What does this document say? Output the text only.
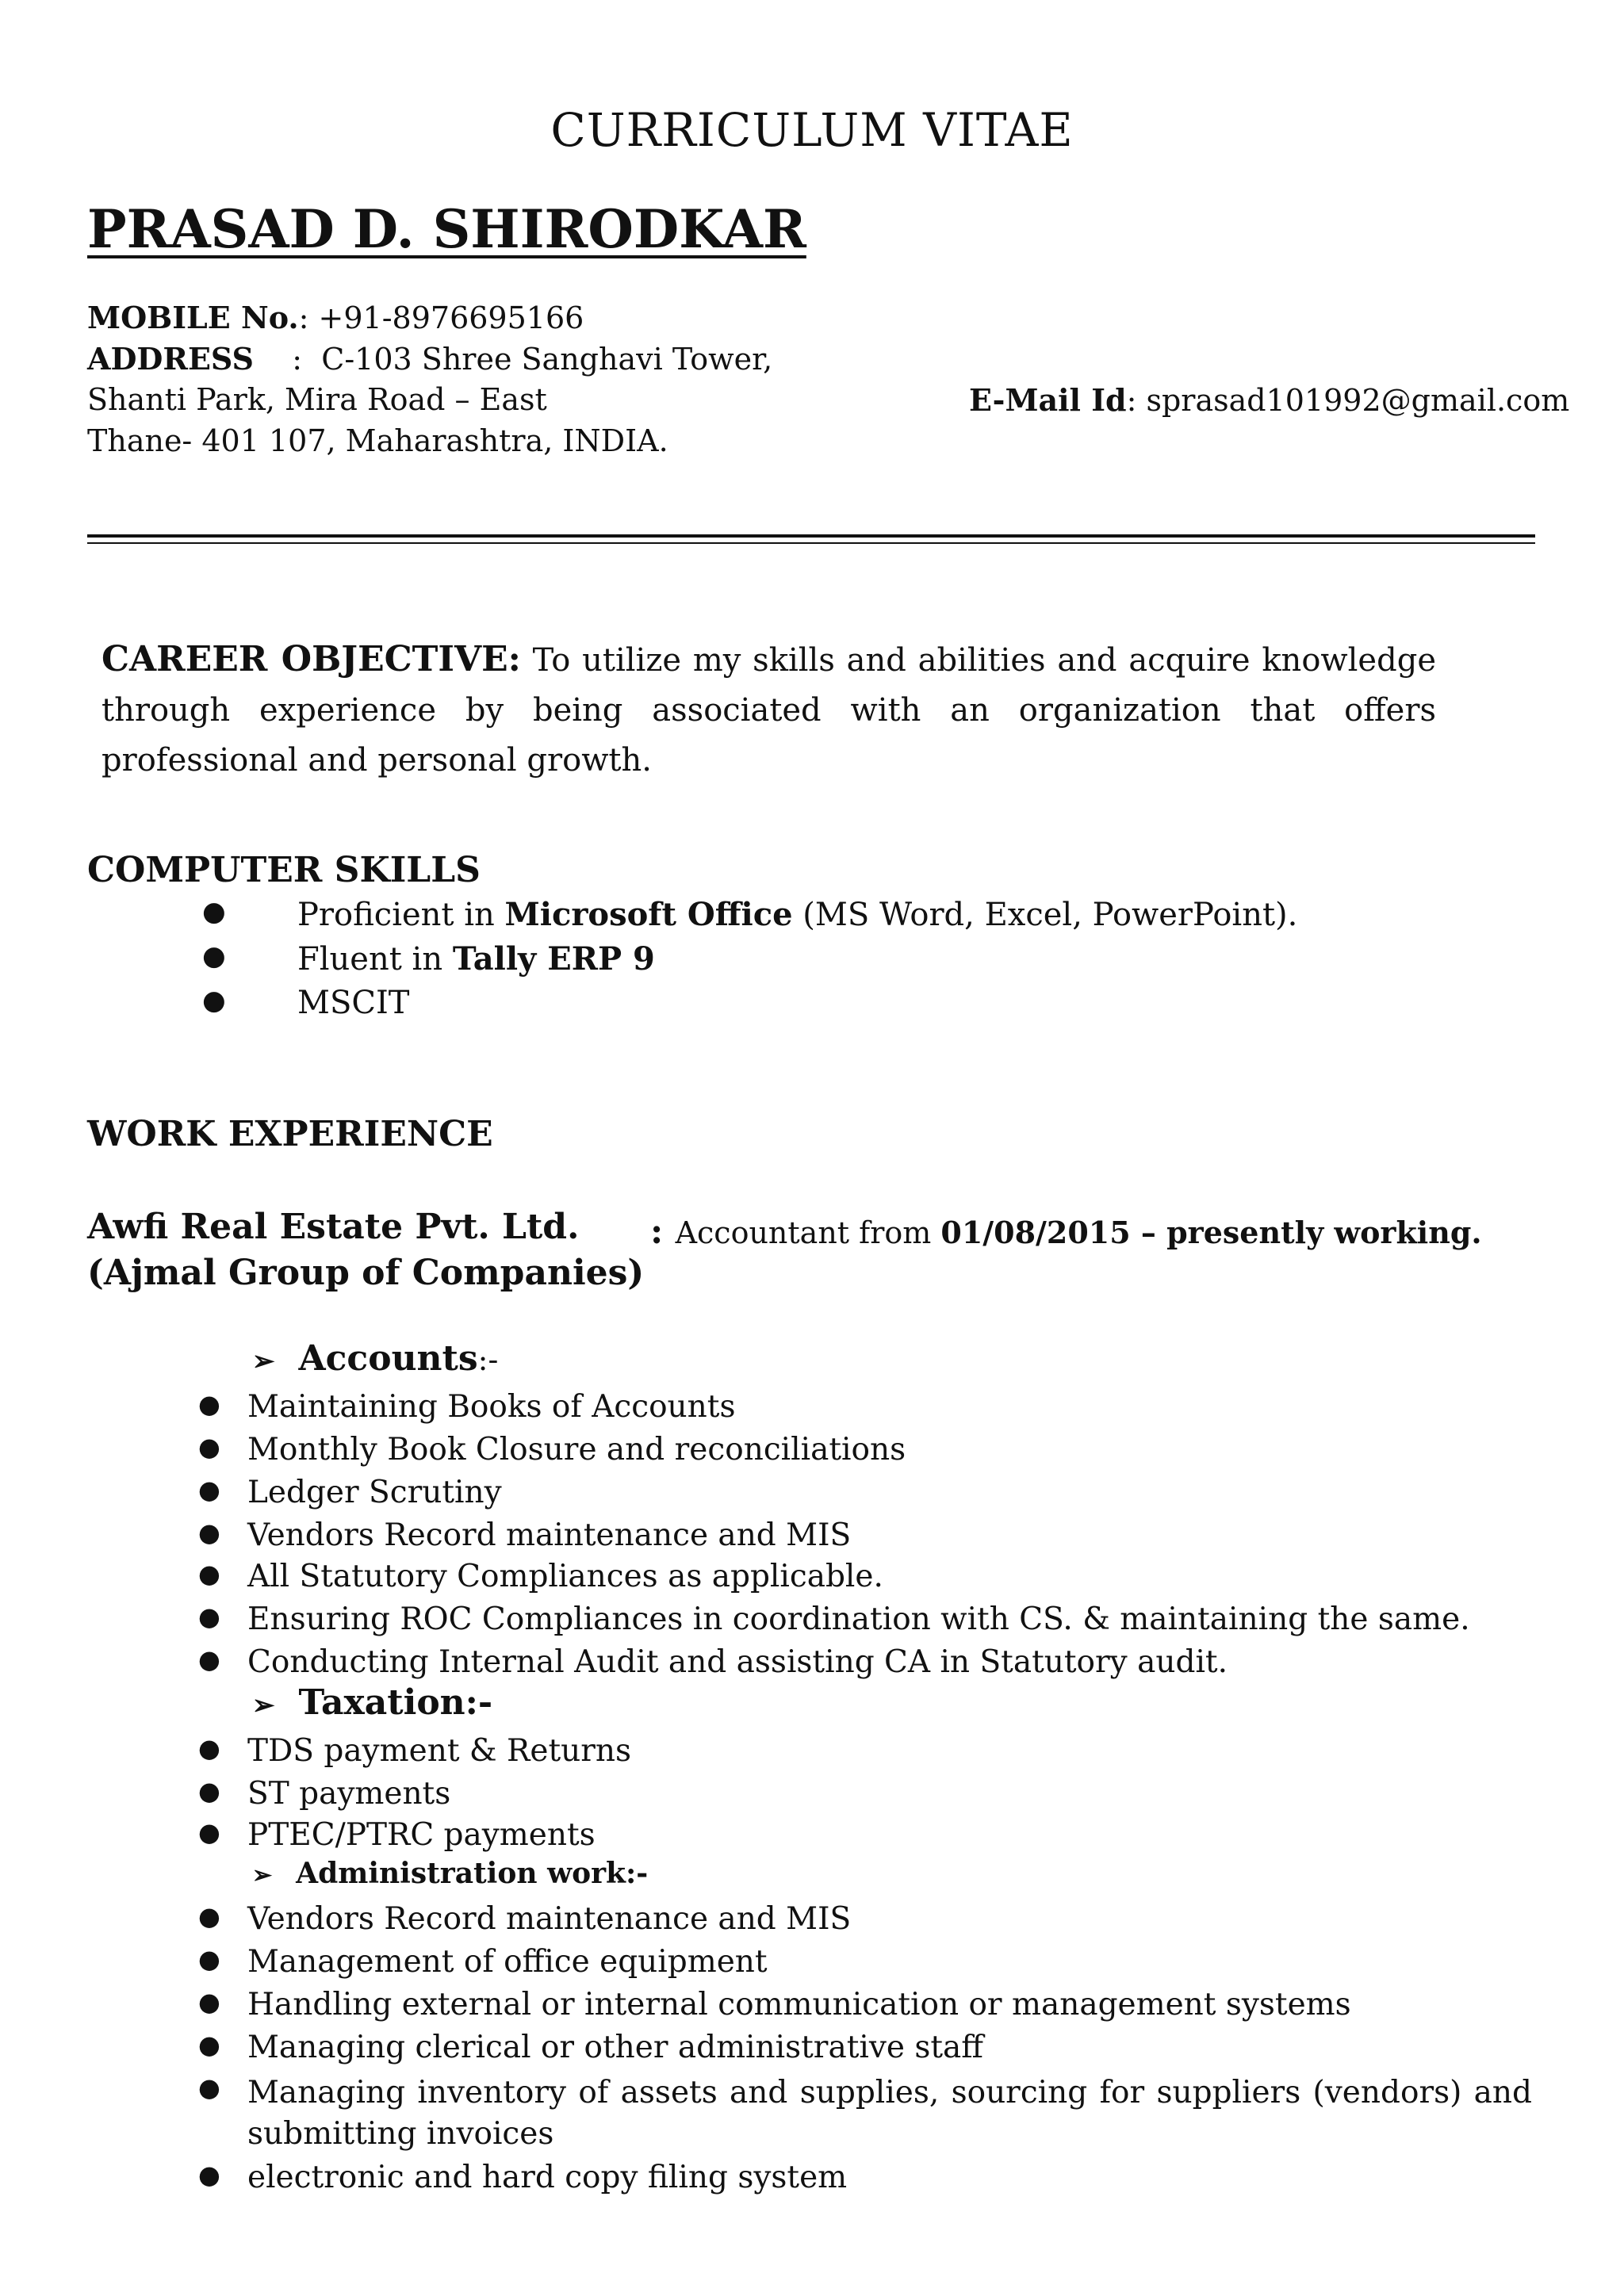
CURRICULUM VITAE
PRASAD D. SHIRODKAR
MOBILE No.: +91-8976695166
ADDRESS    :  C-103 Shree Sanghavi Tower,
Shanti Park, Mira Road – East
Thane- 401 107, Maharashtra, INDIA.
E-Mail Id: sprasad101992@gmail.com
CAREER OBJECTIVE: To utilize my skills and abilities and acquire knowledge through experience by being associated with an organization that offers professional and personal growth.
COMPUTER SKILLS
● Proficient in Microsoft Office (MS Word, Excel, PowerPoint).
● Fluent in Tally ERP 9
● MSCIT
WORK EXPERIENCE
Awfi Real Estate Pvt. Ltd.
(Ajmal Group of Companies)
: Accountant from 01/08/2015 – presently working.
➢ Accounts:-
● Maintaining Books of Accounts
● Monthly Book Closure and reconciliations
● Ledger Scrutiny
● Vendors Record maintenance and MIS
● All Statutory Compliances as applicable.
● Ensuring ROC Compliances in coordination with CS. & maintaining the same.
● Conducting Internal Audit and assisting CA in Statutory audit.
➢ Taxation:-
● TDS payment & Returns
● ST payments
● PTEC/PTRC payments
➢ Administration work:-
● Vendors Record maintenance and MIS
● Management of office equipment
● Handling external or internal communication or management systems
● Managing clerical or other administrative staff
● Managing inventory of assets and supplies, sourcing for suppliers (vendors) and submitting invoices
● electronic and hard copy filing system
